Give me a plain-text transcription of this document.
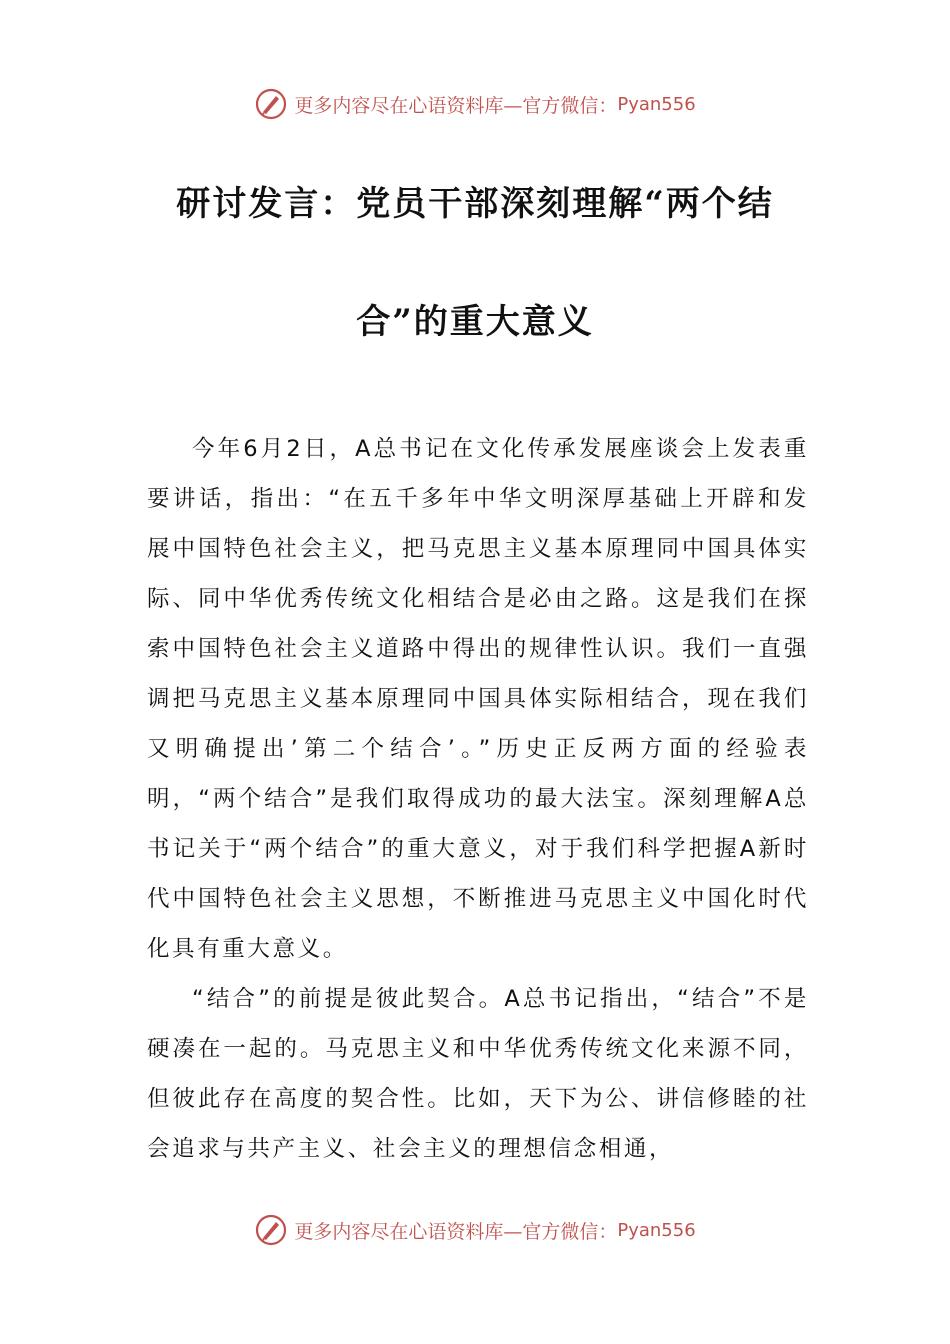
更多内容尽在心语资料库—官方微信： Pyan556
研讨发言：党员干部深刻理解“两个结
合”的重大意义

今年6月2日，A总书记在文化传承发展座谈会上发表重要讲话，指出：“在五千多年中华文明深厚基础上开辟和发展中国特色社会主义，把马克思主义基本原理同中国具体实际、同中华优秀传统文化相结合是必由之路。这是我们在探索中国特色社会主义道路中得出的规律性认识。我们一直强调把马克思主义基本原理同中国具体实际相结合，现在我们又明确提出’第二个结合’。”历史正反两方面的经验表明，“两个结合”是我们取得成功的最大法宝。深刻理解A总书记关于“两个结合”的重大意义，对于我们科学把握A新时代中国特色社会主义思想，不断推进马克思主义中国化时代化具有重大意义。

“结合”的前提是彼此契合。A总书记指出，“结合”不是硬凑在一起的。马克思主义和中华优秀传统文化来源不同，但彼此存在高度的契合性。比如，天下为公、讲信修睦的社会追求与共产主义、社会主义的理想信念相通，

更多内容尽在心语资料库—官方微信： Pyan556
